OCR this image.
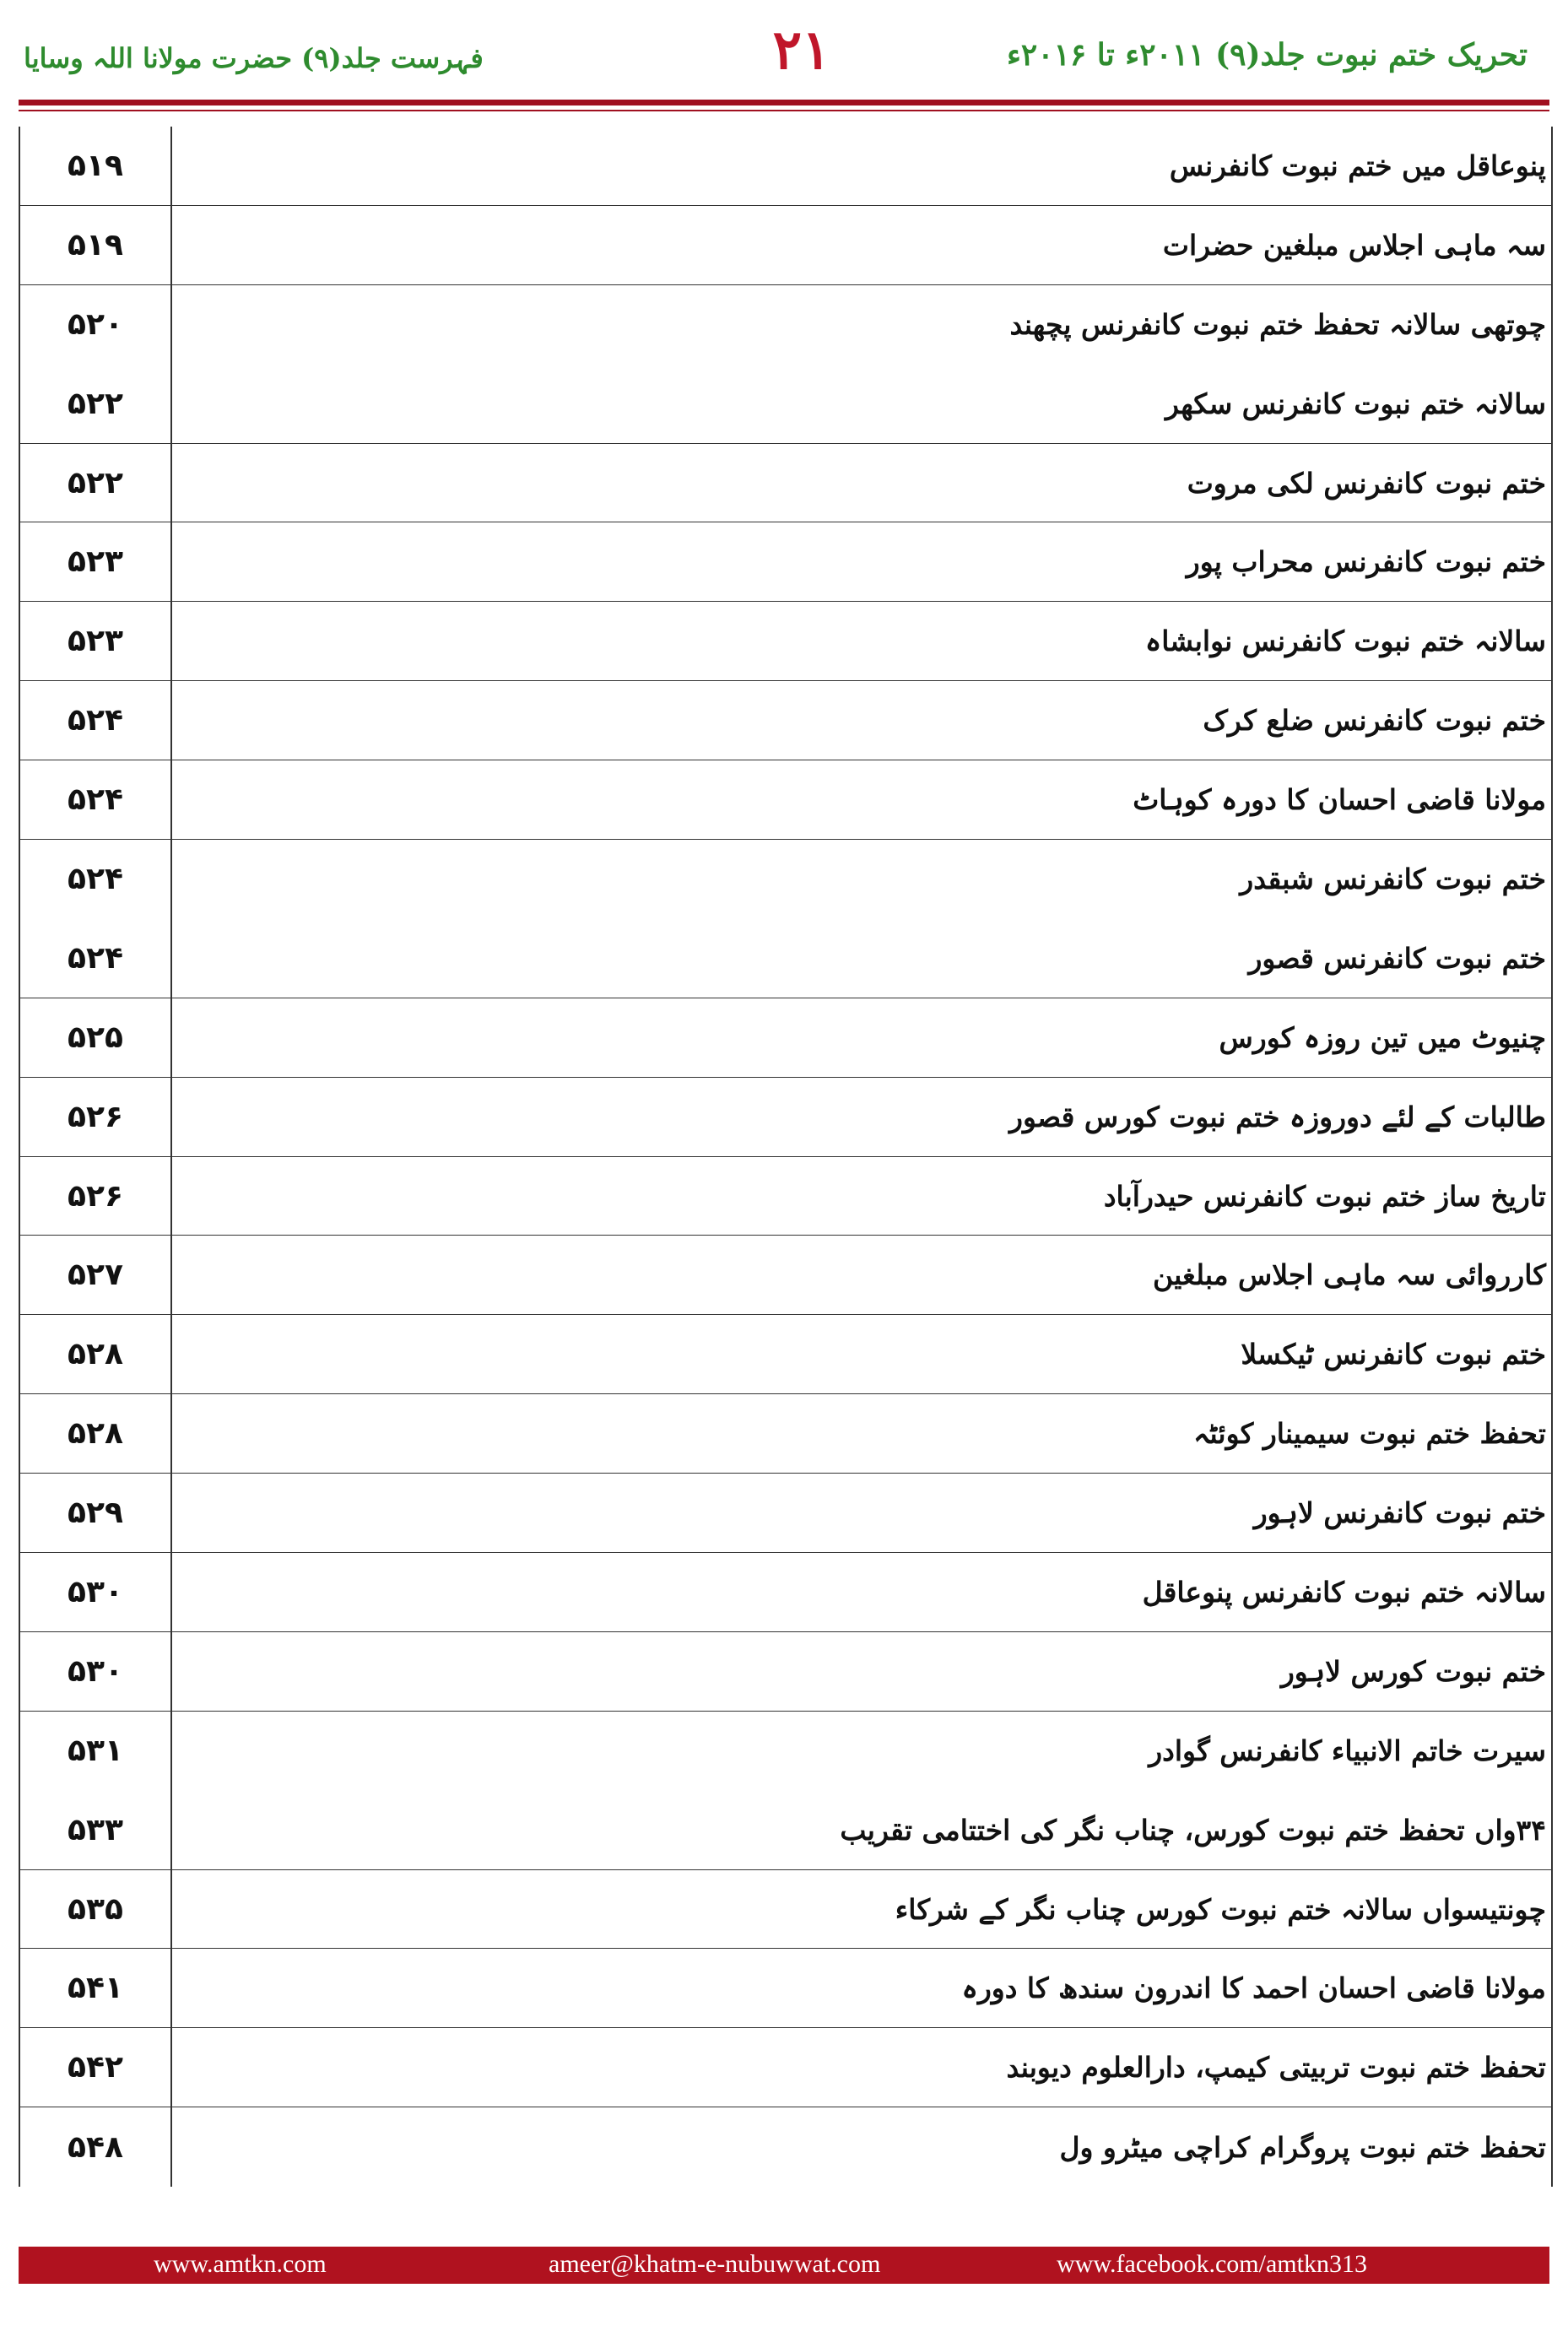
تحریک ختم نبوت جلد(۹) ۲۰۱۱ء تا ۲۰۱۶ء
۲۱
فہرست جلد(۹) حضرت مولانا اللہ وسایا
پنوعاقل میں ختم نبوت کانفرنس
۵۱۹
سہ ماہی اجلاس مبلغین حضرات
۵۱۹
چوتھی سالانہ تحفظ ختم نبوت کانفرنس پچھند
۵۲۰
سالانہ ختم نبوت کانفرنس سکھر
۵۲۲
ختم نبوت کانفرنس لکی مروت
۵۲۲
ختم نبوت کانفرنس محراب پور
۵۲۳
سالانہ ختم نبوت کانفرنس نوابشاہ
۵۲۳
ختم نبوت کانفرنس ضلع کرک
۵۲۴
مولانا قاضی احسان کا دورہ کوہاٹ
۵۲۴
ختم نبوت کانفرنس شبقدر
۵۲۴
ختم نبوت کانفرنس قصور
۵۲۴
چنیوٹ میں تین روزہ کورس
۵۲۵
طالبات کے لئے دوروزہ ختم نبوت کورس قصور
۵۲۶
تاریخ ساز ختم نبوت کانفرنس حیدرآباد
۵۲۶
کارروائی سہ ماہی اجلاس مبلغین
۵۲۷
ختم نبوت کانفرنس ٹیکسلا
۵۲۸
تحفظ ختم نبوت سیمینار کوئٹہ
۵۲۸
ختم نبوت کانفرنس لاہور
۵۲۹
سالانہ ختم نبوت کانفرنس پنوعاقل
۵۳۰
ختم نبوت کورس لاہور
۵۳۰
سیرت خاتم الانبیاء کانفرنس گوادر
۵۳۱
۳۴واں تحفظ ختم نبوت کورس، چناب نگر کی اختتامی تقریب
۵۳۳
چونتیسواں سالانہ ختم نبوت کورس چناب نگر کے شرکاء
۵۳۵
مولانا قاضی احسان احمد کا اندرون سندھ کا دورہ
۵۴۱
تحفظ ختم نبوت تربیتی کیمپ، دارالعلوم دیوبند
۵۴۲
تحفظ ختم نبوت پروگرام کراچی میٹرو ول
۵۴۸
www.amtkn.com	ameer@khatm-e-nubuwwat.com	www.facebook.com/amtkn313
